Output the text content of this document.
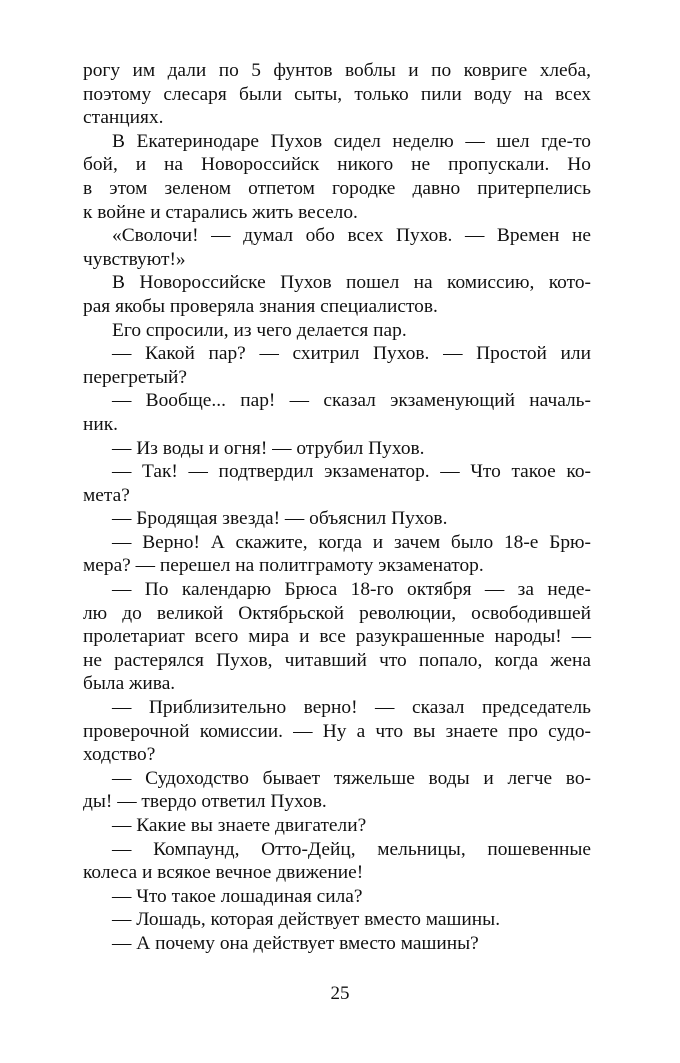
рогу им дали по 5 фунтов воблы и по ковриге хлеба,
поэтому слесаря были сыты, только пили воду на всех
станциях.
В Екатеринодаре Пухов сидел неделю — шел где-то
бой, и на Новороссийск никого не пропускали. Но
в этом зеленом отпетом городке давно притерпелись
к войне и старались жить весело.
«Сволочи! — думал обо всех Пухов. — Времен не
чувствуют!»
В Новороссийске Пухов пошел на комиссию, кото-
рая якобы проверяла знания специалистов.
Его спросили, из чего делается пар.
— Какой пар? — схитрил Пухов. — Простой или
перегретый?
— Вообще... пар! — сказал экзаменующий началь-
ник.
— Из воды и огня! — отрубил Пухов.
— Так! — подтвердил экзаменатор. — Что такое ко-
мета?
— Бродящая звезда! — объяснил Пухов.
— Верно! А скажите, когда и зачем было 18-е Брю-
мера? — перешел на политграмоту экзаменатор.
— По календарю Брюса 18-го октября — за неде-
лю до великой Октябрьской революции, освободившей
пролетариат всего мира и все разукрашенные народы! —
не растерялся Пухов, читавший что попало, когда жена
была жива.
— Приблизительно верно! — сказал председатель
проверочной комиссии. — Ну а что вы знаете про судо-
ходство?
— Судоходство бывает тяжельше воды и легче во-
ды! — твердо ответил Пухов.
— Какие вы знаете двигатели?
— Компаунд, Отто-Дейц, мельницы, пошевенные
колеса и всякое вечное движение!
— Что такое лошадиная сила?
— Лошадь, которая действует вместо машины.
— А почему она действует вместо машины?
25
